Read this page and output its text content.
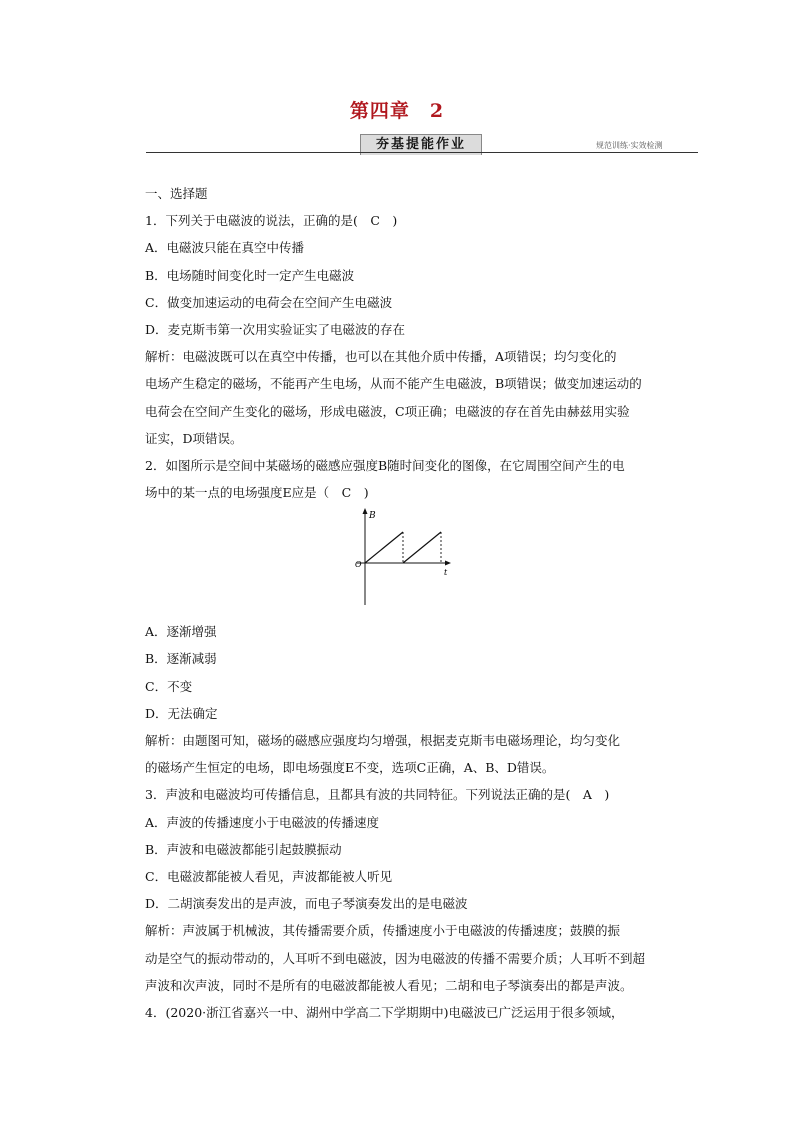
第四章　2
夯基提能作业	规范训练·实效检测
一、选择题
1．下列关于电磁波的说法，正确的是(　C　)
A．电磁波只能在真空中传播
B．电场随时间变化时一定产生电磁波
C．做变加速运动的电荷会在空间产生电磁波
D．麦克斯韦第一次用实验证实了电磁波的存在
解析：电磁波既可以在真空中传播，也可以在其他介质中传播，A项错误；均匀变化的
电场产生稳定的磁场，不能再产生电场，从而不能产生电磁波，B项错误；做变加速运动的
电荷会在空间产生变化的磁场，形成电磁波，C项正确；电磁波的存在首先由赫兹用实验
证实，D项错误。
2．如图所示是空间中某磁场的磁感应强度B随时间变化的图像，在它周围空间产生的电
场中的某一点的电场强度E应是（　C　)
B
O
t
A．逐渐增强
B．逐渐减弱
C．不变
D．无法确定
解析：由题图可知，磁场的磁感应强度均匀增强，根据麦克斯韦电磁场理论，均匀变化
的磁场产生恒定的电场，即电场强度E不变，选项C正确，A、B、D错误。
3．声波和电磁波均可传播信息，且都具有波的共同特征。下列说法正确的是(　A　)
A．声波的传播速度小于电磁波的传播速度
B．声波和电磁波都能引起鼓膜振动
C．电磁波都能被人看见，声波都能被人听见
D．二胡演奏发出的是声波，而电子琴演奏发出的是电磁波
解析：声波属于机械波，其传播需要介质，传播速度小于电磁波的传播速度；鼓膜的振
动是空气的振动带动的，人耳听不到电磁波，因为电磁波的传播不需要介质；人耳听不到超
声波和次声波，同时不是所有的电磁波都能被人看见；二胡和电子琴演奏出的都是声波。
4．(2020·浙江省嘉兴一中、湖州中学高二下学期期中)电磁波已广泛运用于很多领域，
